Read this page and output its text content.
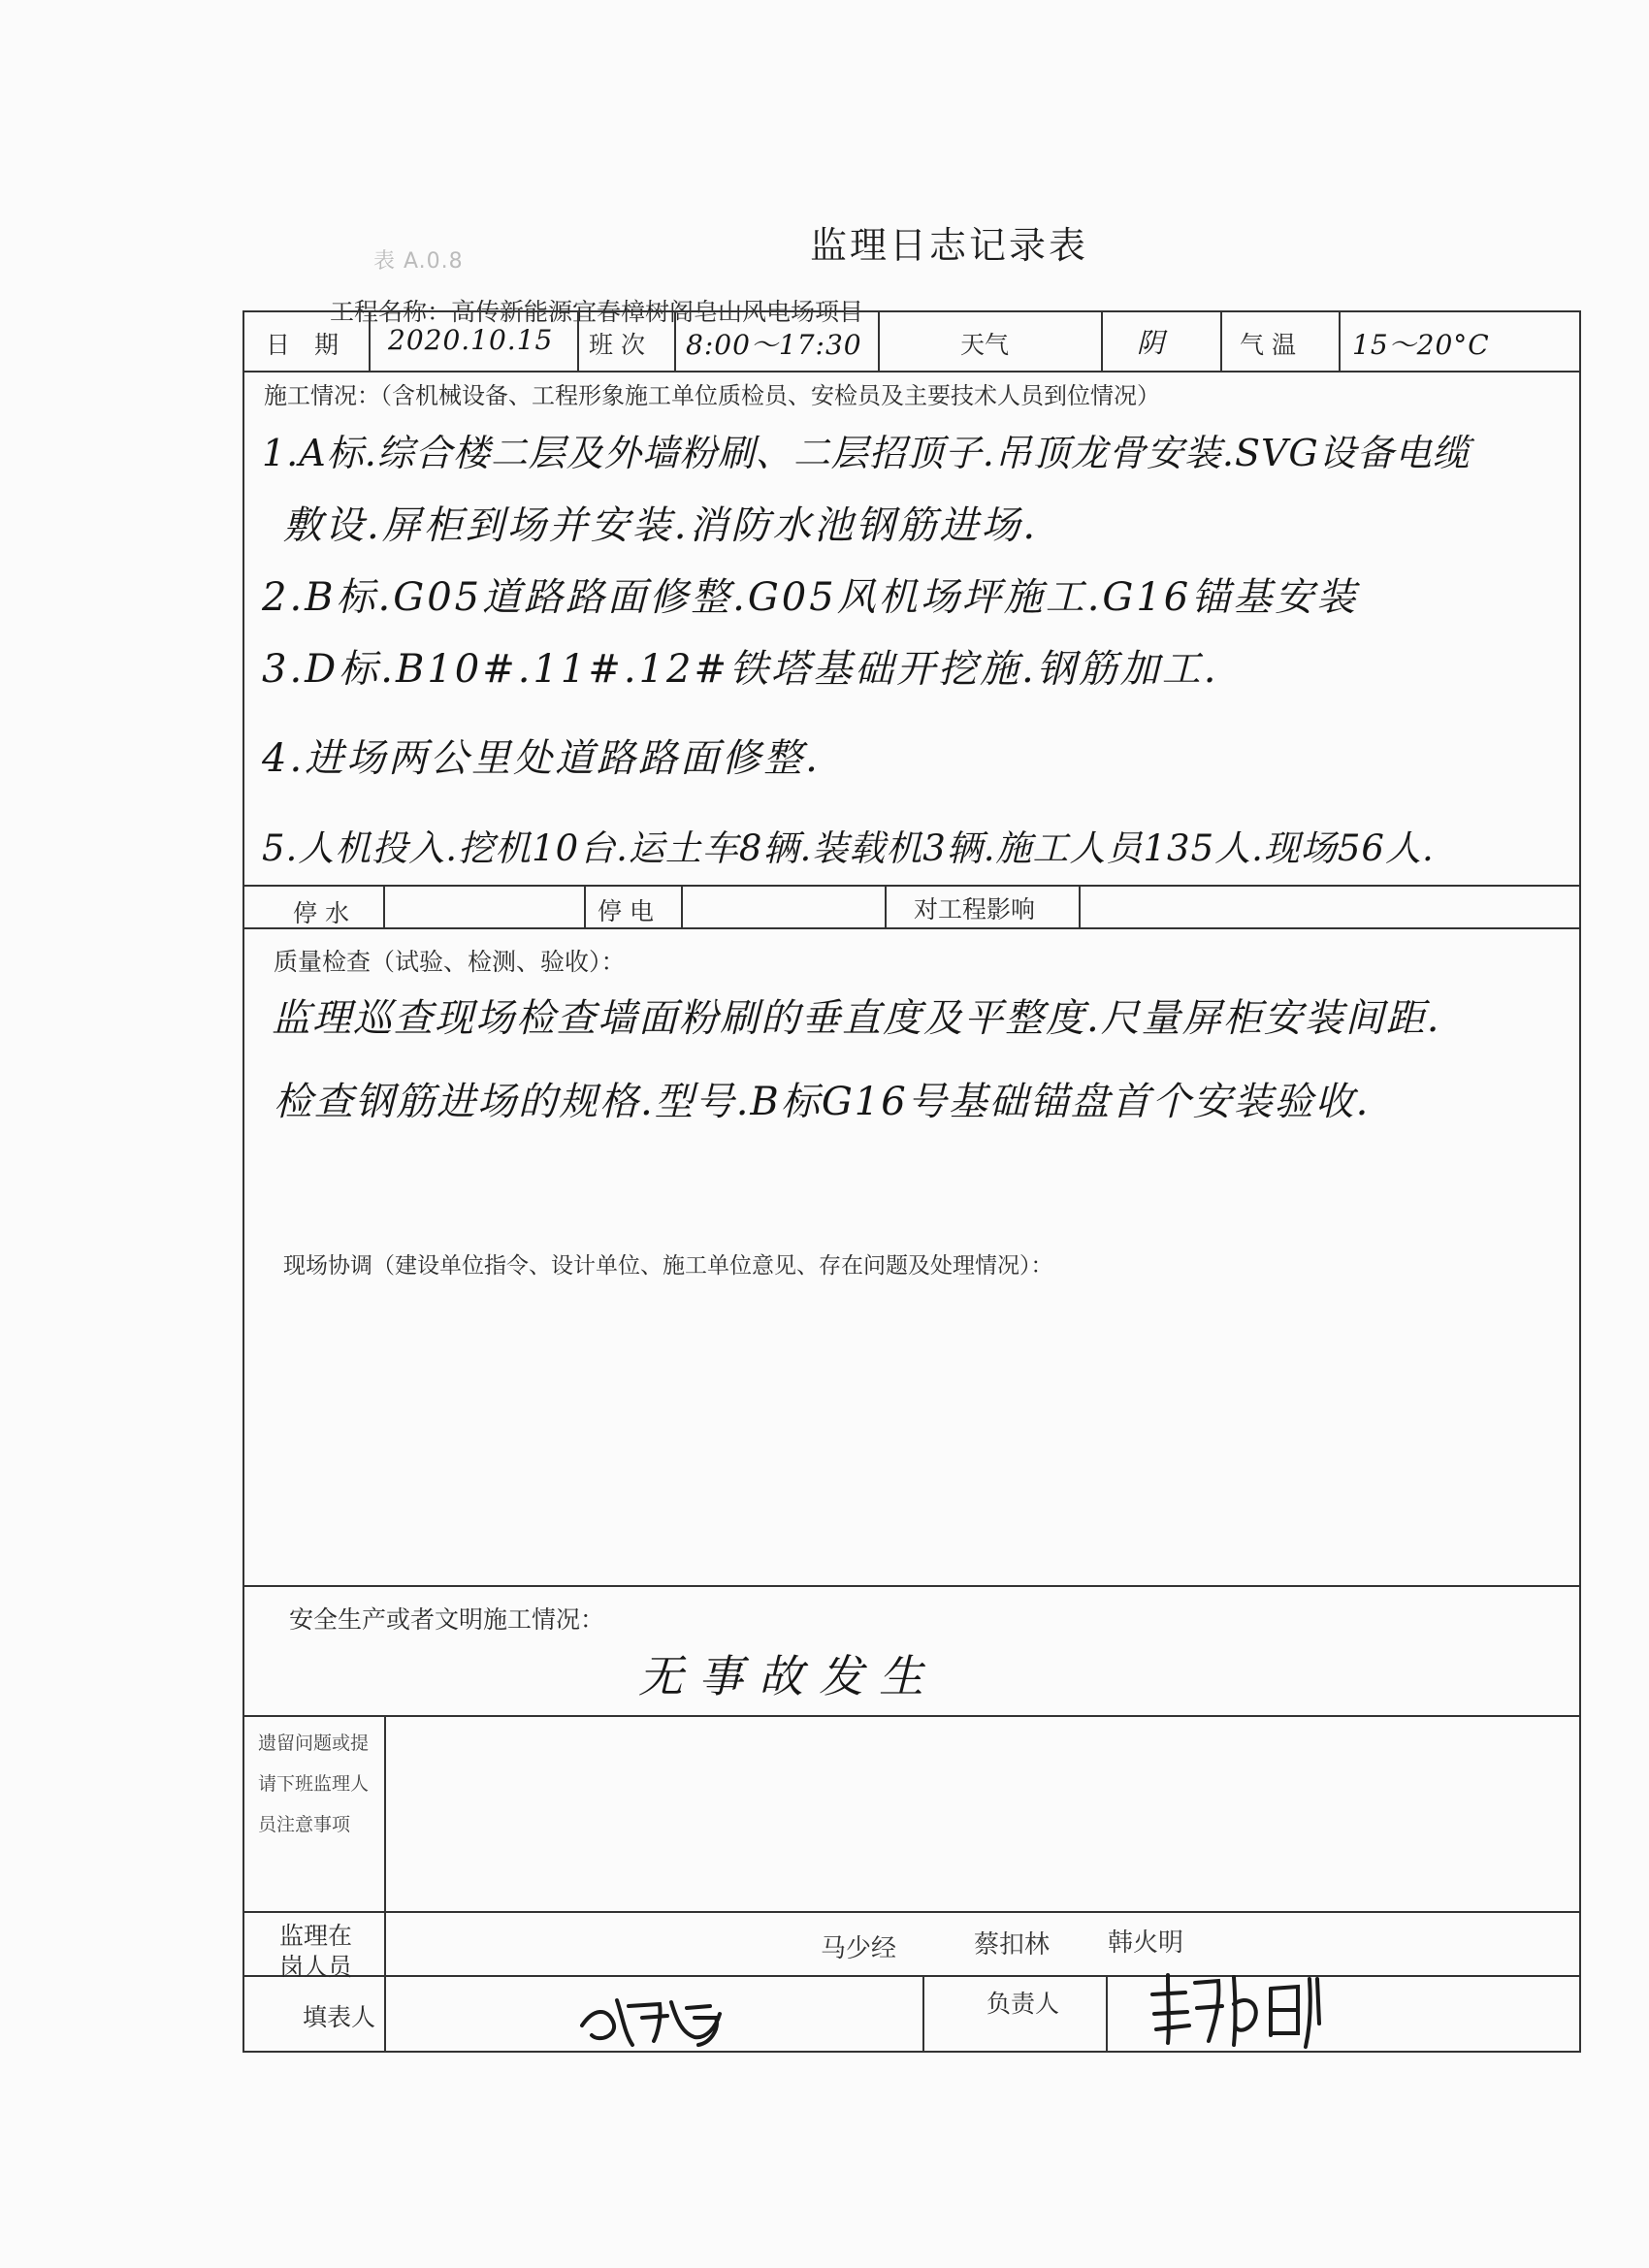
表 A.0.8	监理日志记录表
工程名称：高传新能源宜春樟树阁皂山风电场项目
日　期 2020.10.15 班 次 8:00～17:30	天气	阴	气 温 15～20°C
施工情况：（含机械设备、工程形象施工单位质检员、安检员及主要技术人员到位情况）
1.A标.综合楼二层及外墙粉刷、二层招顶子.吊顶龙骨安装.SVG设备电缆
敷设.屏柜到场并安装.消防水池钢筋进场.
2.B标.G05道路路面修整.G05风机场坪施工.G16锚基安装
3.D标.B10#.11#.12#铁塔基础开挖施.钢筋加工.
4.进场两公里处道路路面修整.
5.人机投入.挖机10台.运土车8辆.装载机3辆.施工人员135人.现场56人.
停 水	停 电	对工程影响
质量检查（试验、检测、验收）：
监理巡查现场检查墙面粉刷的垂直度及平整度.尺量屏柜安装间距.
检查钢筋进场的规格.型号.B标G16号基础锚盘首个安装验收.
现场协调（建设单位指令、设计单位、施工单位意见、存在问题及处理情况）：
安全生产或者文明施工情况：
无事故发生
遗留问题或提请下班监理人员注意事项
监理在岗人员
马少经	蔡扣林 韩火明
填表人	负责人
